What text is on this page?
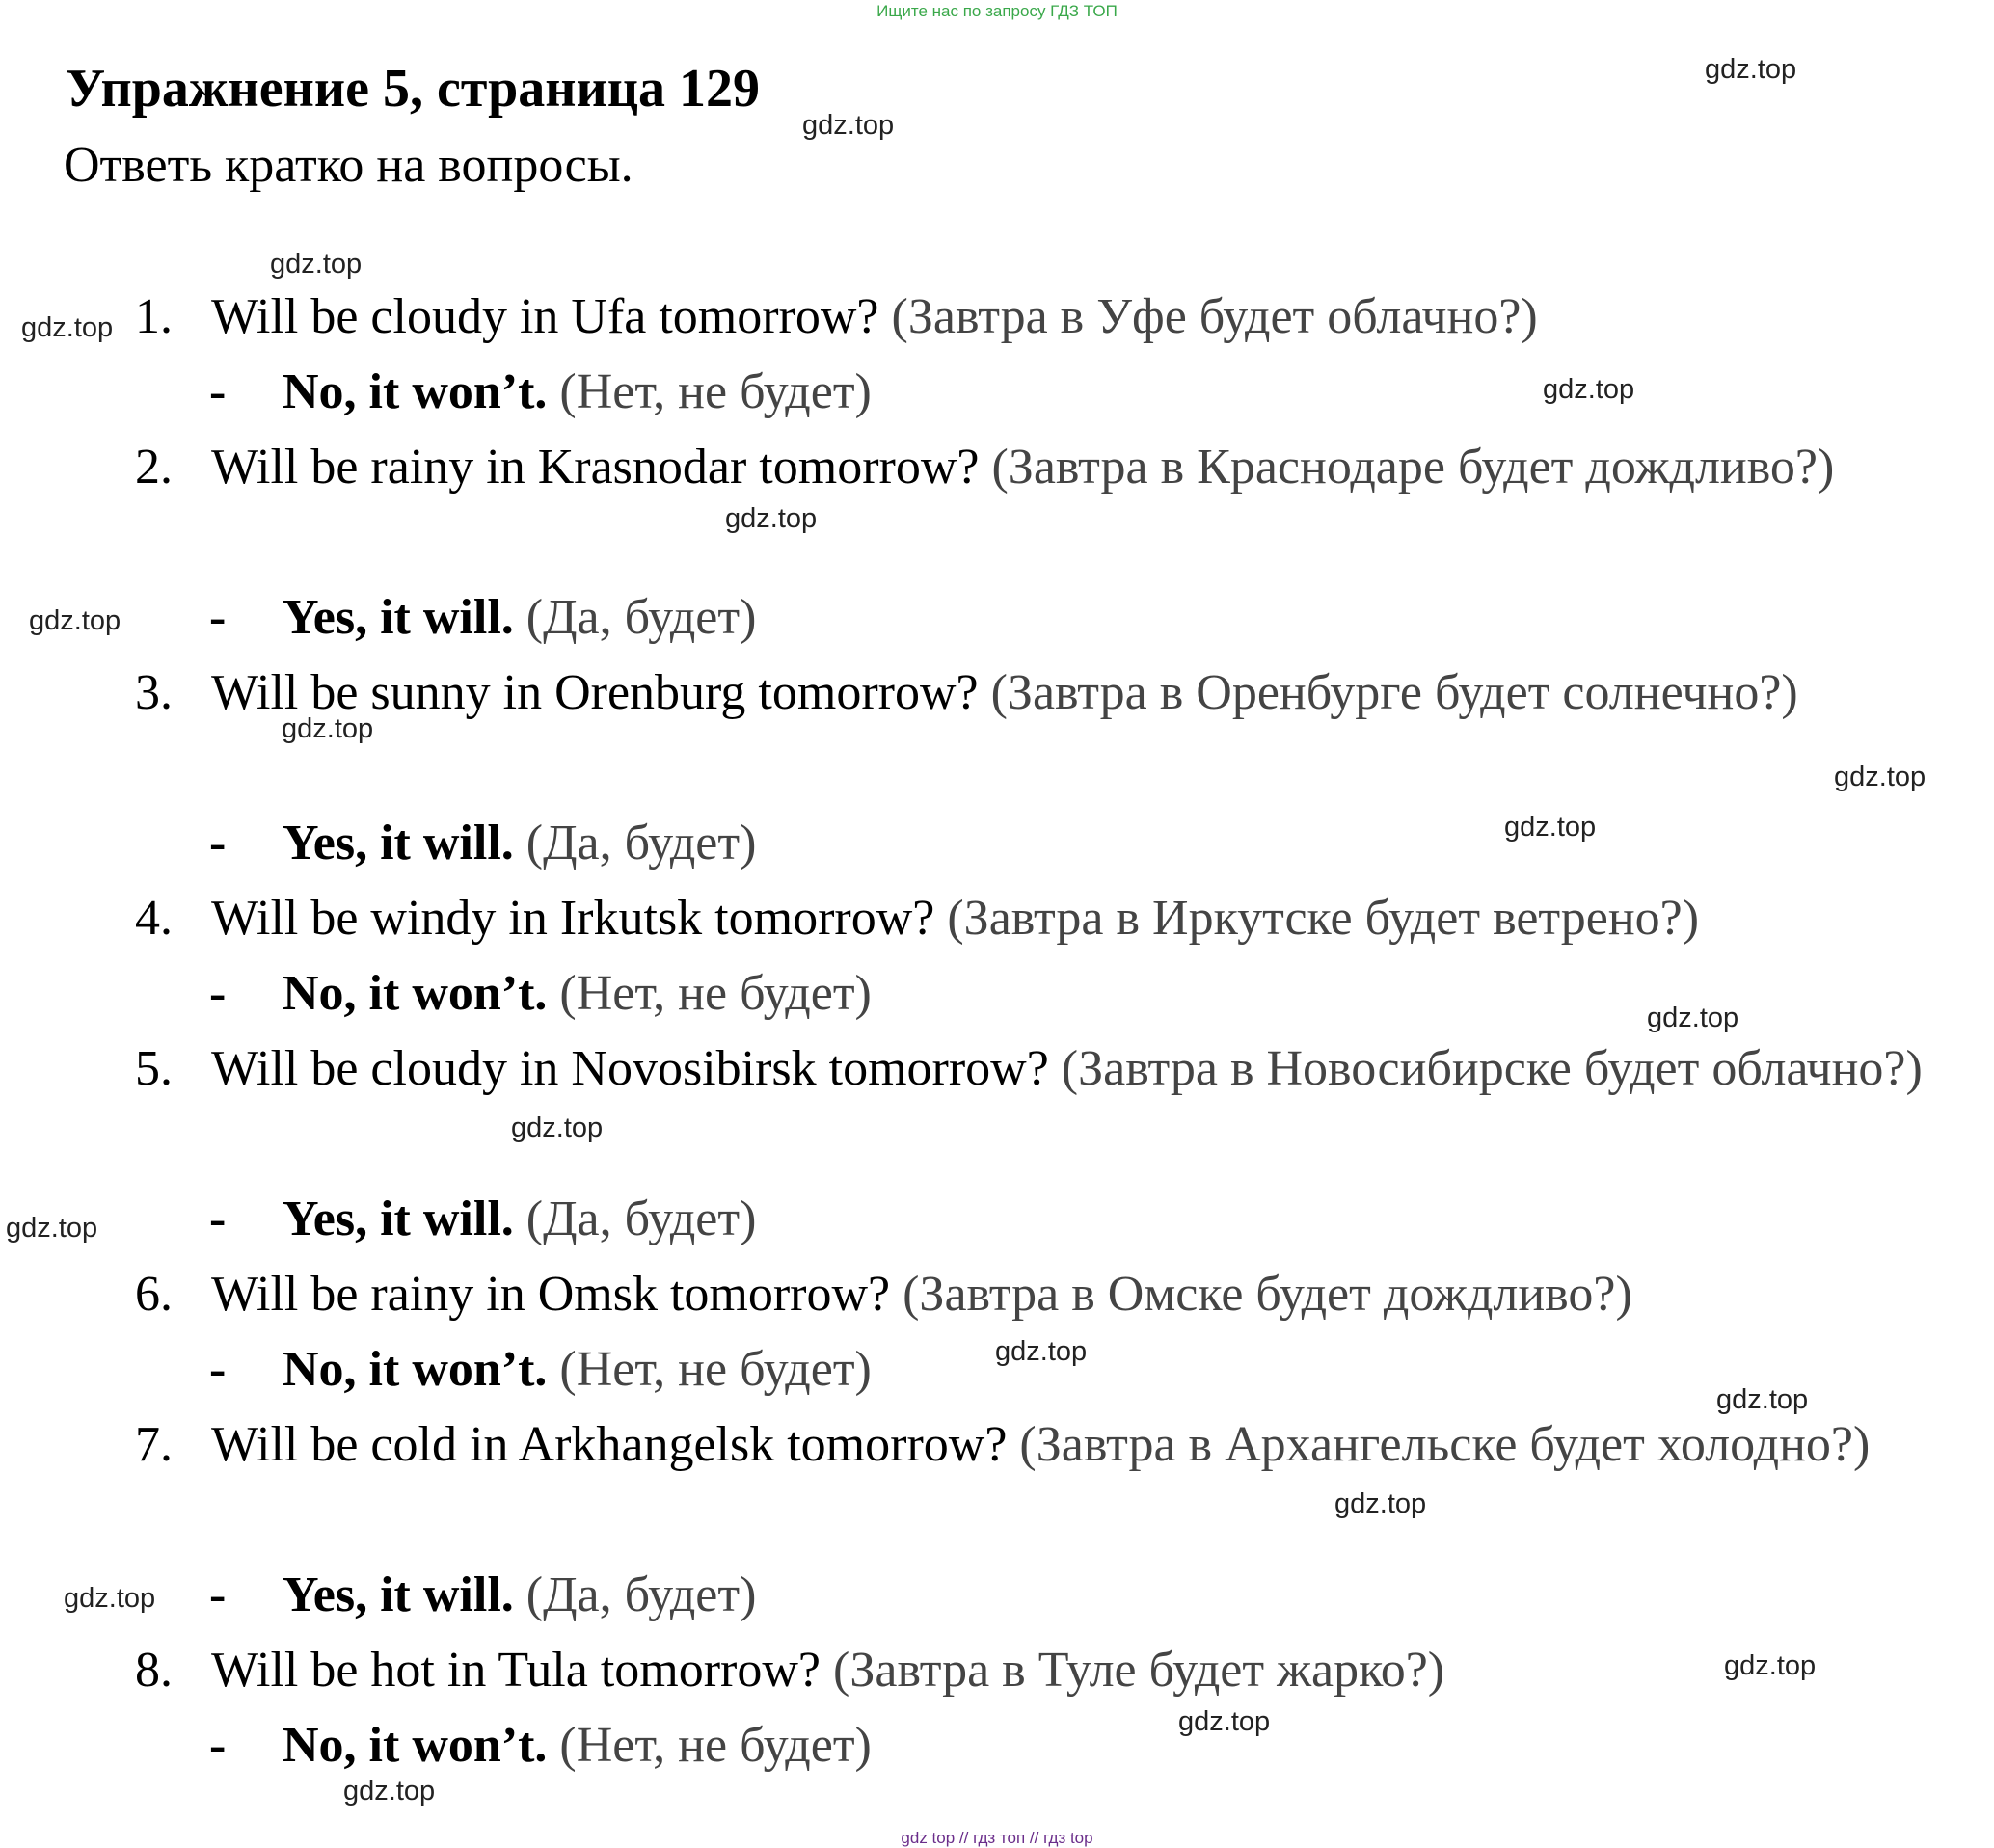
Ищите нас по запросу ГДЗ ТОП
Упражнение 5, страница 129
Ответь кратко на вопросы.
1. Will be cloudy in Ufa tomorrow? (Завтра в Уфе будет облачно?)
- No, it won’t. (Нет, не будет)
2. Will be rainy in Krasnodar tomorrow? (Завтра в Краснодаре будет дождливо?)
- Yes, it will. (Да, будет)
3. Will be sunny in Orenburg tomorrow? (Завтра в Оренбурге будет солнечно?)
- Yes, it will. (Да, будет)
4. Will be windy in Irkutsk tomorrow? (Завтра в Иркутске будет ветрено?)
- No, it won’t. (Нет, не будет)
5. Will be cloudy in Novosibirsk tomorrow? (Завтра в Новосибирске будет облачно?)
- Yes, it will. (Да, будет)
6. Will be rainy in Omsk tomorrow? (Завтра в Омске будет дождливо?)
- No, it won’t. (Нет, не будет)
7. Will be cold in Arkhangelsk tomorrow? (Завтра в Архангельске будет холодно?)
- Yes, it will. (Да, будет)
8. Will be hot in Tula tomorrow? (Завтра в Туле будет жарко?)
- No, it won’t. (Нет, не будет)
gdz.top
gdz.top
gdz.top
gdz.top
gdz.top
gdz.top
gdz.top
gdz.top
gdz.top
gdz.top
gdz.top
gdz.top
gdz.top
gdz.top
gdz.top
gdz.top
gdz.top
gdz.top
gdz.top
gdz.top
gdz top // гдз топ // гдз top
